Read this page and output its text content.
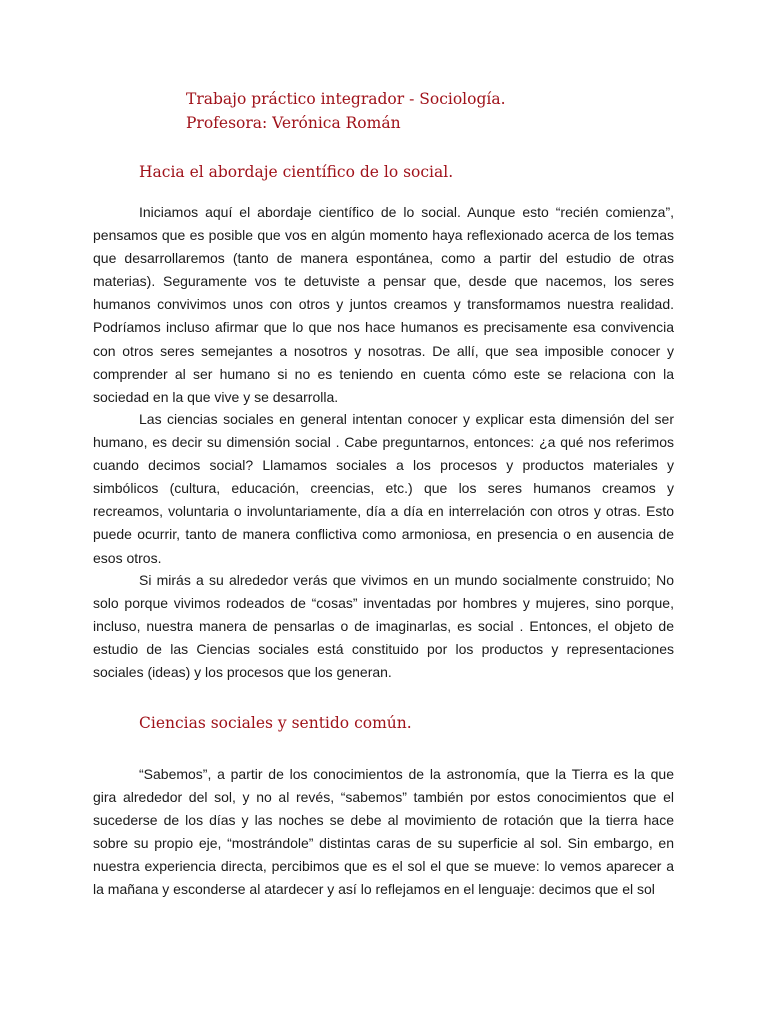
Trabajo práctico integrador - Sociología.
Profesora: Verónica Román
Hacia el abordaje científico de lo social.

Iniciamos aquí el abordaje científico de lo social. Aunque esto “recién comienza”, pensamos que es posible que vos en algún momento haya reflexionado acerca de los temas que desarrollaremos (tanto de manera espontánea, como a partir del estudio de otras materias). Seguramente vos te detuviste a pensar que, desde que nacemos, los seres humanos convivimos unos con otros y juntos creamos y transformamos nuestra realidad. Podríamos incluso afirmar que lo que nos hace humanos es precisamente esa convivencia con otros seres semejantes a nosotros y nosotras. De allí, que sea imposible conocer y comprender al ser humano si no es teniendo en cuenta cómo este se relaciona con la sociedad en la que vive y se desarrolla.

Las ciencias sociales en general intentan conocer y explicar esta dimensión del ser humano, es decir su dimensión social . Cabe preguntarnos, entonces: ¿a qué nos referimos cuando decimos social? Llamamos sociales a los procesos y productos materiales y simbólicos (cultura, educación, creencias, etc.) que los seres humanos creamos y recreamos, voluntaria o involuntariamente, día a día en interrelación con otros y otras. Esto puede ocurrir, tanto de manera conflictiva como armoniosa, en presencia o en ausencia de esos otros.

Si mirás a su alrededor verás que vivimos en un mundo socialmente construido; No solo porque vivimos rodeados de “cosas” inventadas por hombres y mujeres, sino porque, incluso, nuestra manera de pensarlas o de imaginarlas, es social . Entonces, el objeto de estudio de las Ciencias sociales está constituido por los productos y representaciones sociales (ideas) y los procesos que los generan.

Ciencias sociales y sentido común.

“Sabemos”, a partir de los conocimientos de la astronomía, que la Tierra es la que gira alrededor del sol, y no al revés, “sabemos” también por estos conocimientos que el sucederse de los días y las noches se debe al movimiento de rotación que la tierra hace sobre su propio eje, “mostrándole” distintas caras de su superficie al sol. Sin embargo, en nuestra experiencia directa, percibimos que es el sol el que se mueve: lo vemos aparecer a la mañana y esconderse al atardecer y así lo reflejamos en el lenguaje: decimos que el sol
